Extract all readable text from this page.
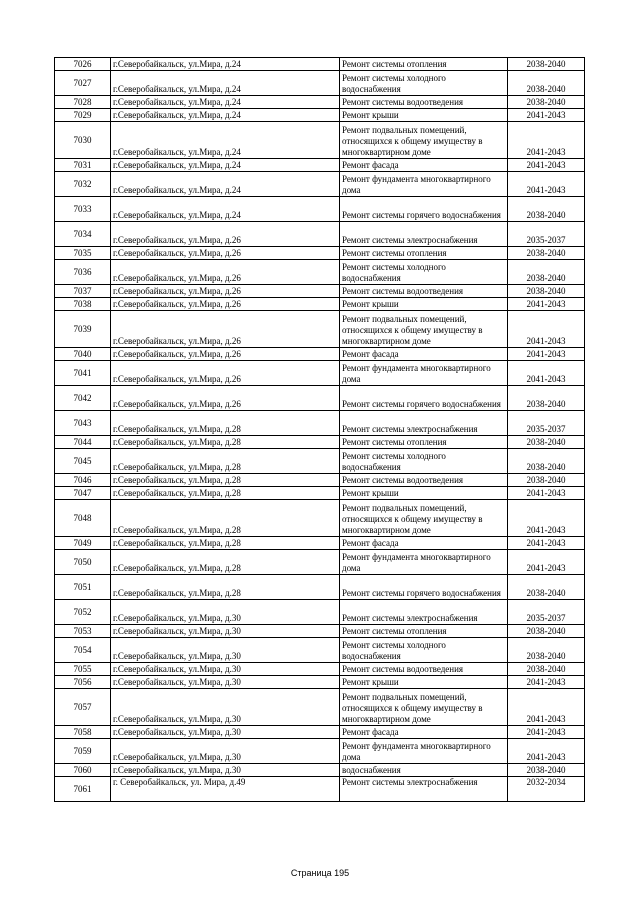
7026	г.Северобайкальск, ул.Мира, д.24	Ремонт системы отопления	2038-2040
7027	г.Северобайкальск, ул.Мира, д.24	Ремонт системы холодного водоснабжения	2038-2040
7028	г.Северобайкальск, ул.Мира, д.24	Ремонт системы водоотведения	2038-2040
7029	г.Северобайкальск, ул.Мира, д.24	Ремонт крыши	2041-2043
7030	г.Северобайкальск, ул.Мира, д.24	Ремонт подвальных помещений, относящихся к общему имуществу в многоквартирном доме	2041-2043
7031	г.Северобайкальск, ул.Мира, д.24	Ремонт фасада	2041-2043
7032	г.Северобайкальск, ул.Мира, д.24	Ремонт фундамента многоквартирного дома	2041-2043
7033	г.Северобайкальск, ул.Мира, д.24	Ремонт системы горячего водоснабжения	2038-2040
7034	г.Северобайкальск, ул.Мира, д.26	Ремонт системы электроснабжения	2035-2037
7035	г.Северобайкальск, ул.Мира, д.26	Ремонт системы отопления	2038-2040
7036	г.Северобайкальск, ул.Мира, д.26	Ремонт системы холодного водоснабжения	2038-2040
7037	г.Северобайкальск, ул.Мира, д.26	Ремонт системы водоотведения	2038-2040
7038	г.Северобайкальск, ул.Мира, д.26	Ремонт крыши	2041-2043
7039	г.Северобайкальск, ул.Мира, д.26	Ремонт подвальных помещений, относящихся к общему имуществу в многоквартирном доме	2041-2043
7040	г.Северобайкальск, ул.Мира, д.26	Ремонт фасада	2041-2043
7041	г.Северобайкальск, ул.Мира, д.26	Ремонт фундамента многоквартирного дома	2041-2043
7042	г.Северобайкальск, ул.Мира, д.26	Ремонт системы горячего водоснабжения	2038-2040
7043	г.Северобайкальск, ул.Мира, д.28	Ремонт системы электроснабжения	2035-2037
7044	г.Северобайкальск, ул.Мира, д.28	Ремонт системы отопления	2038-2040
7045	г.Северобайкальск, ул.Мира, д.28	Ремонт системы холодного водоснабжения	2038-2040
7046	г.Северобайкальск, ул.Мира, д.28	Ремонт системы водоотведения	2038-2040
7047	г.Северобайкальск, ул.Мира, д.28	Ремонт крыши	2041-2043
7048	г.Северобайкальск, ул.Мира, д.28	Ремонт подвальных помещений, относящихся к общему имуществу в многоквартирном доме	2041-2043
7049	г.Северобайкальск, ул.Мира, д.28	Ремонт фасада	2041-2043
7050	г.Северобайкальск, ул.Мира, д.28	Ремонт фундамента многоквартирного дома	2041-2043
7051	г.Северобайкальск, ул.Мира, д.28	Ремонт системы горячего водоснабжения	2038-2040
7052	г.Северобайкальск, ул.Мира, д.30	Ремонт системы электроснабжения	2035-2037
7053	г.Северобайкальск, ул.Мира, д.30	Ремонт системы отопления	2038-2040
7054	г.Северобайкальск, ул.Мира, д.30	Ремонт системы холодного водоснабжения	2038-2040
7055	г.Северобайкальск, ул.Мира, д.30	Ремонт системы водоотведения	2038-2040
7056	г.Северобайкальск, ул.Мира, д.30	Ремонт крыши	2041-2043
7057	г.Северобайкальск, ул.Мира, д.30	Ремонт подвальных помещений, относящихся к общему имуществу в многоквартирном доме	2041-2043
7058	г.Северобайкальск, ул.Мира, д.30	Ремонт фасада	2041-2043
7059	г.Северобайкальск, ул.Мира, д.30	Ремонт фундамента многоквартирного дома	2041-2043
7060	г.Северобайкальск, ул.Мира, д.30	водоснабжения	2038-2040
7061	г. Северобайкальск, ул. Мира, д.49	Ремонт системы электроснабжения	2032-2034
Страница 195
